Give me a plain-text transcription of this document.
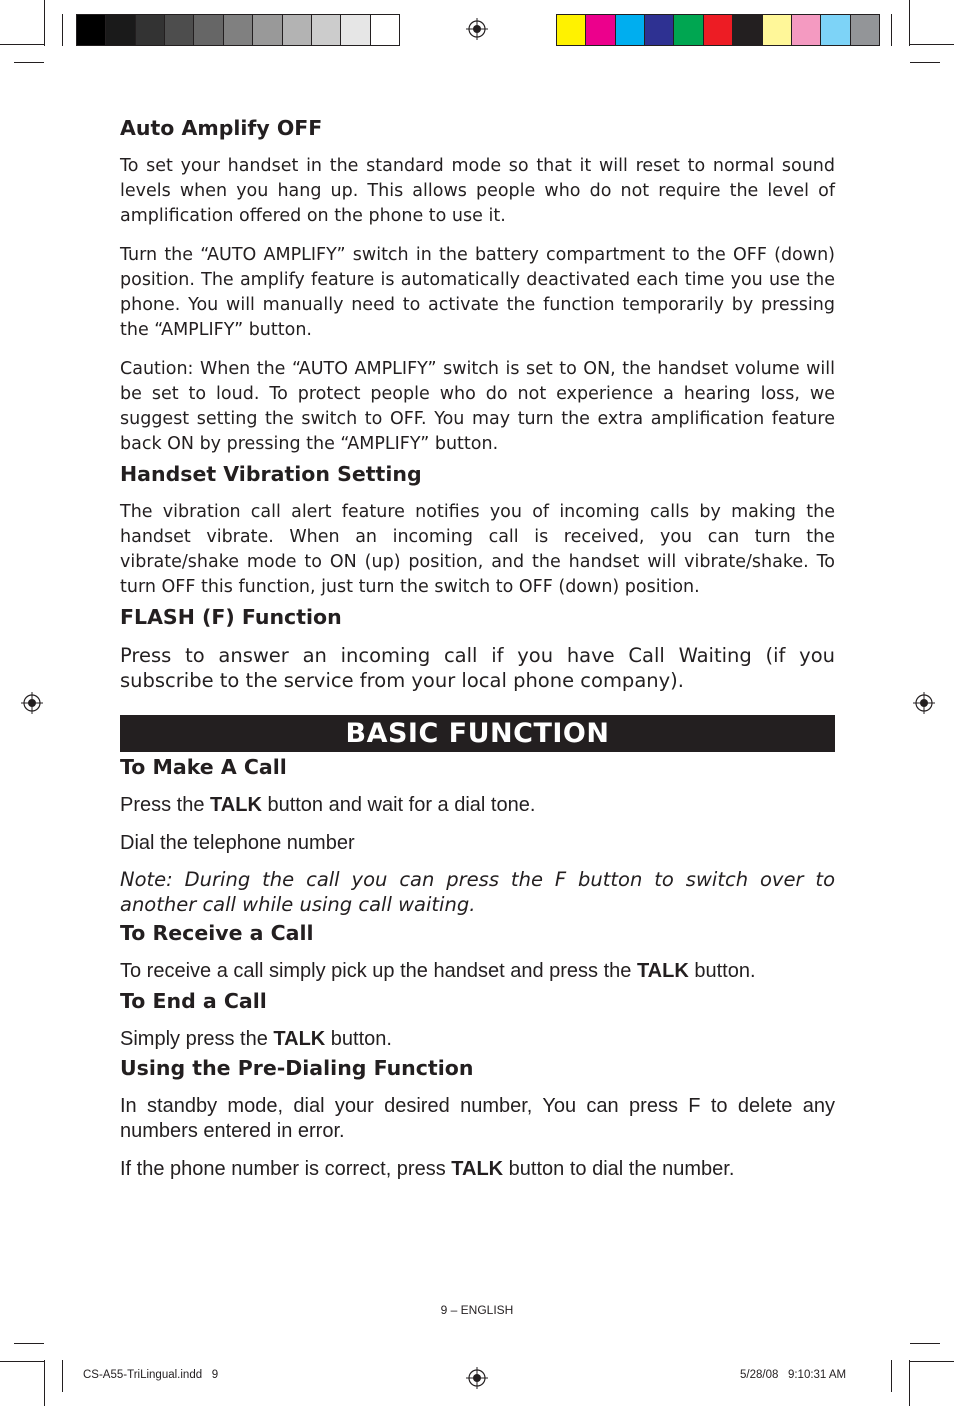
Auto Amplify OFF

To set your handset in the standard mode so that it will reset to normal sound levels when you hang up. This allows people who do not require the level of amplification offered on the phone to use it.

Turn the “AUTO AMPLIFY” switch in the battery compartment to the OFF (down) position. The amplify feature is automatically deactivated each time you use the phone. You will manually need to activate the function temporarily by pressing the “AMPLIFY” button.

Caution: When the “AUTO AMPLIFY” switch is set to ON, the handset volume will be set to loud. To protect people who do not experience a hearing loss, we suggest setting the switch to OFF. You may turn the extra amplification feature back ON by pressing the “AMPLIFY” button.

Handset Vibration Setting

The vibration call alert feature notifies you of incoming calls by making the handset vibrate. When an incoming call is received, you can turn the vibrate/shake mode to ON (up) position, and the handset will vibrate/shake. To turn OFF this function, just turn the switch to OFF (down) position.

FLASH (F) Function

Press to answer an incoming call if you have Call Waiting (if you subscribe to the service from your local phone company).

BASIC FUNCTION
To Make A Call

Press the TALK button and wait for a dial tone.

Dial the telephone number

Note: During the call you can press the F button to switch over to another call while using call waiting.

To Receive a Call

To receive a call simply pick up the handset and press the TALK button.

To End a Call

Simply press the TALK button.

Using the Pre-Dialing Function

In standby mode, dial your desired number, You can press F to delete any numbers entered in error.

If the phone number is correct, press TALK button to dial the number.

9 – ENGLISH
CS-A55-TriLingual.indd   9	5/28/08   9:10:31 AM
